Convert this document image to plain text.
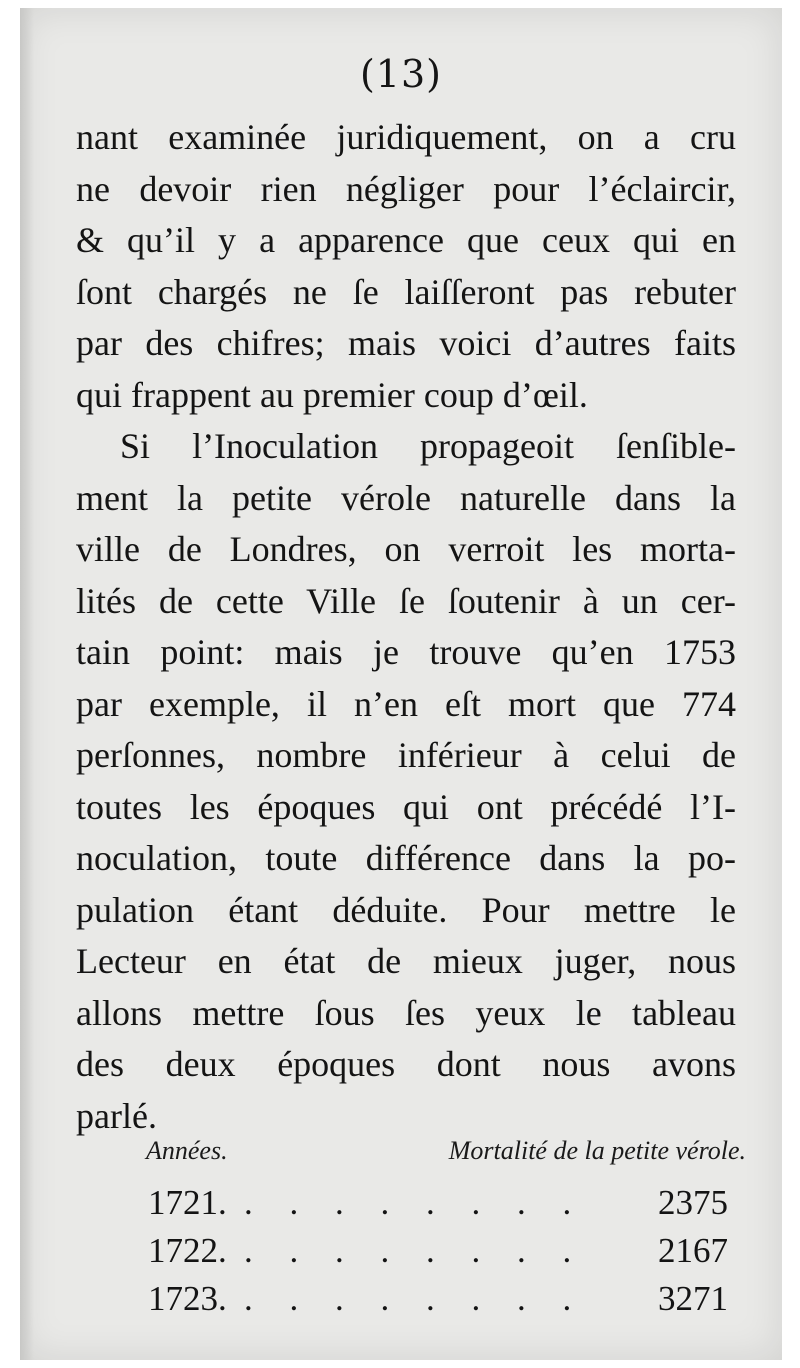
(13)
nant examinée juridiquement, on a cru
ne devoir rien négliger pour l’éclaircir,
& qu’il y a apparence que ceux qui en
ſont chargés ne ſe laiſſeront pas rebuter
par des chifres; mais voici d’autres faits
qui frappent au premier coup d’œil.
Si l’Inoculation propageoit ſenſible-
ment la petite vérole naturelle dans la
ville de Londres, on verroit les morta-
lités de cette Ville ſe ſoutenir à un cer-
tain point: mais je trouve qu’en 1753
par exemple, il n’en eſt mort que 774
perſonnes, nombre inférieur à celui de
toutes les époques qui ont précédé l’I-
noculation, toute différence dans la po-
pulation étant déduite. Pour mettre le
Lecteur en état de mieux juger, nous
allons mettre ſous ſes yeux le tableau
des deux époques dont nous avons
parlé.
Années.	Mortalité de la petite vérole.
1721. . . . . . . . . 2375
1722. . . . . . . . . 2167
1723. . . . . . . . . 3271
